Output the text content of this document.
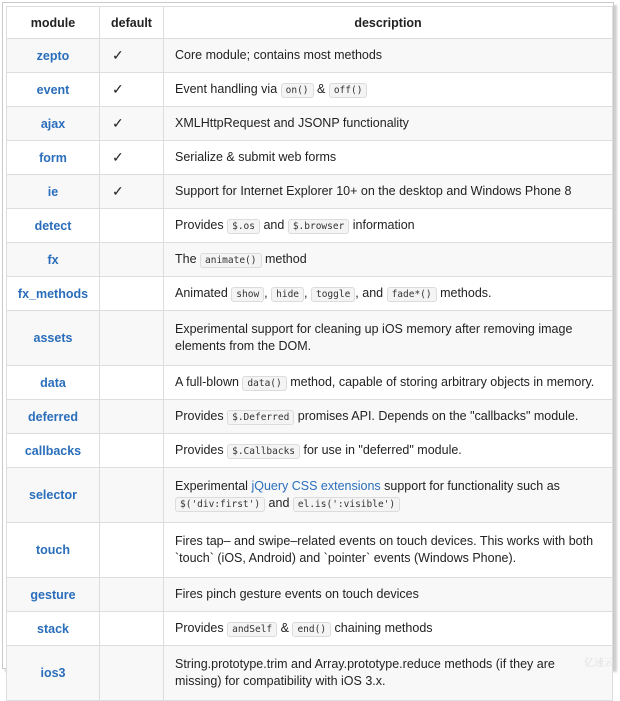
module	default	description
zepto	✓	Core module; contains most methods
event	✓	Event handling via on() & off()
ajax	✓	XMLHttpRequest and JSONP functionality
form	✓	Serialize & submit web forms
ie	✓	Support for Internet Explorer 10+ on the desktop and Windows Phone 8
detect		Provides $.os and $.browser information
fx		The animate() method
fx_methods		Animated show , hide , toggle , and fade*() methods.
assets		Experimental support for cleaning up iOS memory after removing image elements from the DOM.
data		A full-blown data() method, capable of storing arbitrary objects in memory.
deferred		Provides $.Deferred promises API. Depends on the "callbacks" module.
callbacks		Provides $.Callbacks for use in "deferred" module.
selector		Experimental jQuery CSS extensions support for functionality such as $('div:first') and el.is(':visible')
touch		Fires tap– and swipe–related events on touch devices. This works with both `touch` (iOS, Android) and `pointer` events (Windows Phone).
gesture		Fires pinch gesture events on touch devices
stack		Provides andSelf & end() chaining methods
ios3		String.prototype.trim and Array.prototype.reduce methods (if they are missing) for compatibility with iOS 3.x.
亿速云
